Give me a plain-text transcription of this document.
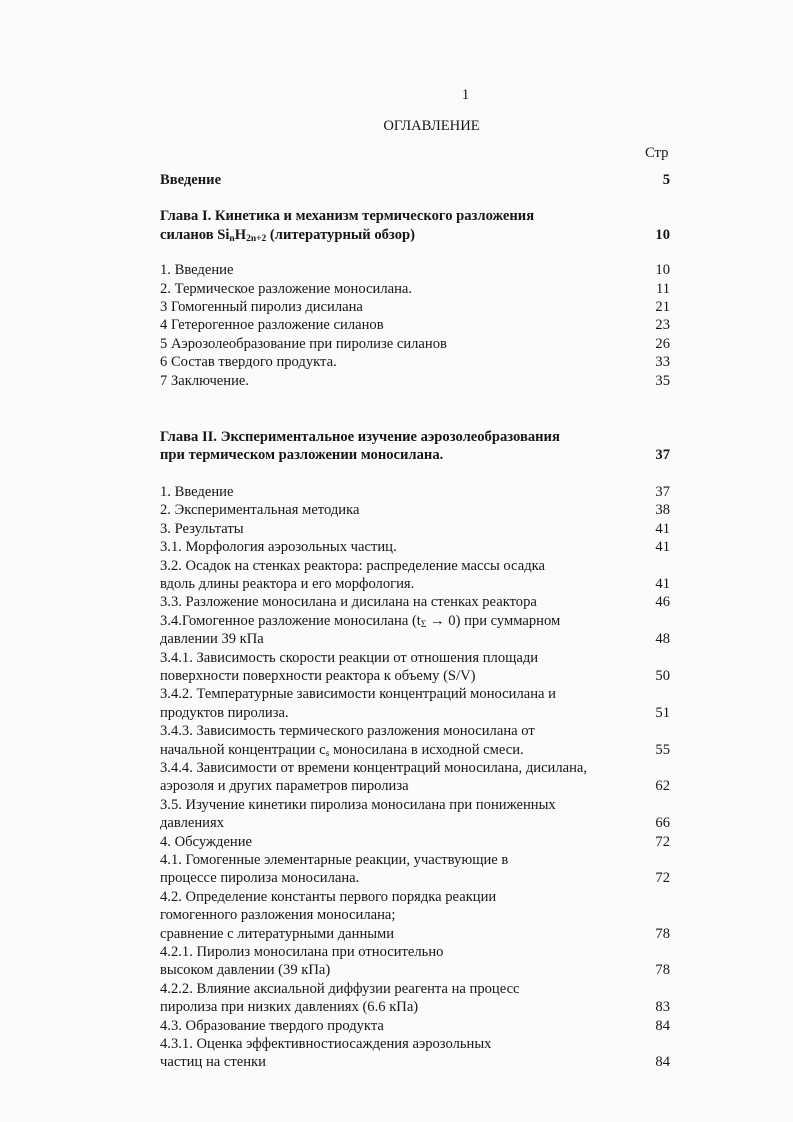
1
ОГЛАВЛЕНИЕ
Стр
Введение	5
Глава I. Кинетика и механизм термического разложения
силанов $Si_nH_{2n+2}$ (литературный обзор)	10
1. Введение	10
2. Термическое разложение моносилана.	11
3 Гомогенный пиролиз дисилана	21
4 Гетерогенное разложение силанов	23
5 Аэрозолеобразование при пиролизе силанов	26
6 Состав твердого продукта.	33
7 Заключение.	35
Глава II. Экспериментальное изучение аэрозолеобразования
при термическом разложении моносилана.	37
1. Введение	37
2. Экспериментальная методика	38
3. Результаты	41
3.1. Морфология аэрозольных частиц.	41
3.2. Осадок на стенках реактора: распределение массы осадка
вдоль длины реактора и его морфология.	41
3.3. Разложение моносилана и дисилана на стенках реактора	46
3.4.Гомогенное разложение моносилана $(t_\Sigma \to 0)$ при суммарном
давлении 39 кПа	48
3.4.1. Зависимость скорости реакции от отношения площади
поверхности поверхности реактора к объему (S/V)	50
3.4.2. Температурные зависимости концентраций моносилана и
продуктов пиролиза.	51
3.4.3. Зависимость термического разложения моносилана от
начальной концентрации $c_s$ моносилана в исходной смеси.	55
3.4.4. Зависимости от времени концентраций моносилана, дисилана,
аэрозоля и других параметров пиролиза	62
3.5. Изучение кинетики пиролиза моносилана при пониженных
давлениях	66
4. Обсуждение	72
4.1. Гомогенные элементарные реакции, участвующие в
процессе пиролиза моносилана.	72
4.2. Определение константы первого порядка реакции
гомогенного разложения моносилана;
сравнение с литературными данными	78
4.2.1. Пиролиз моносилана при относительно
высоком давлении (39 кПа)	78
4.2.2. Влияние аксиальной диффузии реагента на процесс
пиролиза при низких давлениях (6.6 кПа)	83
4.3. Образование твердого продукта	84
4.3.1. Оценка эффективностиосаждения аэрозольных
частиц на стенки	84
